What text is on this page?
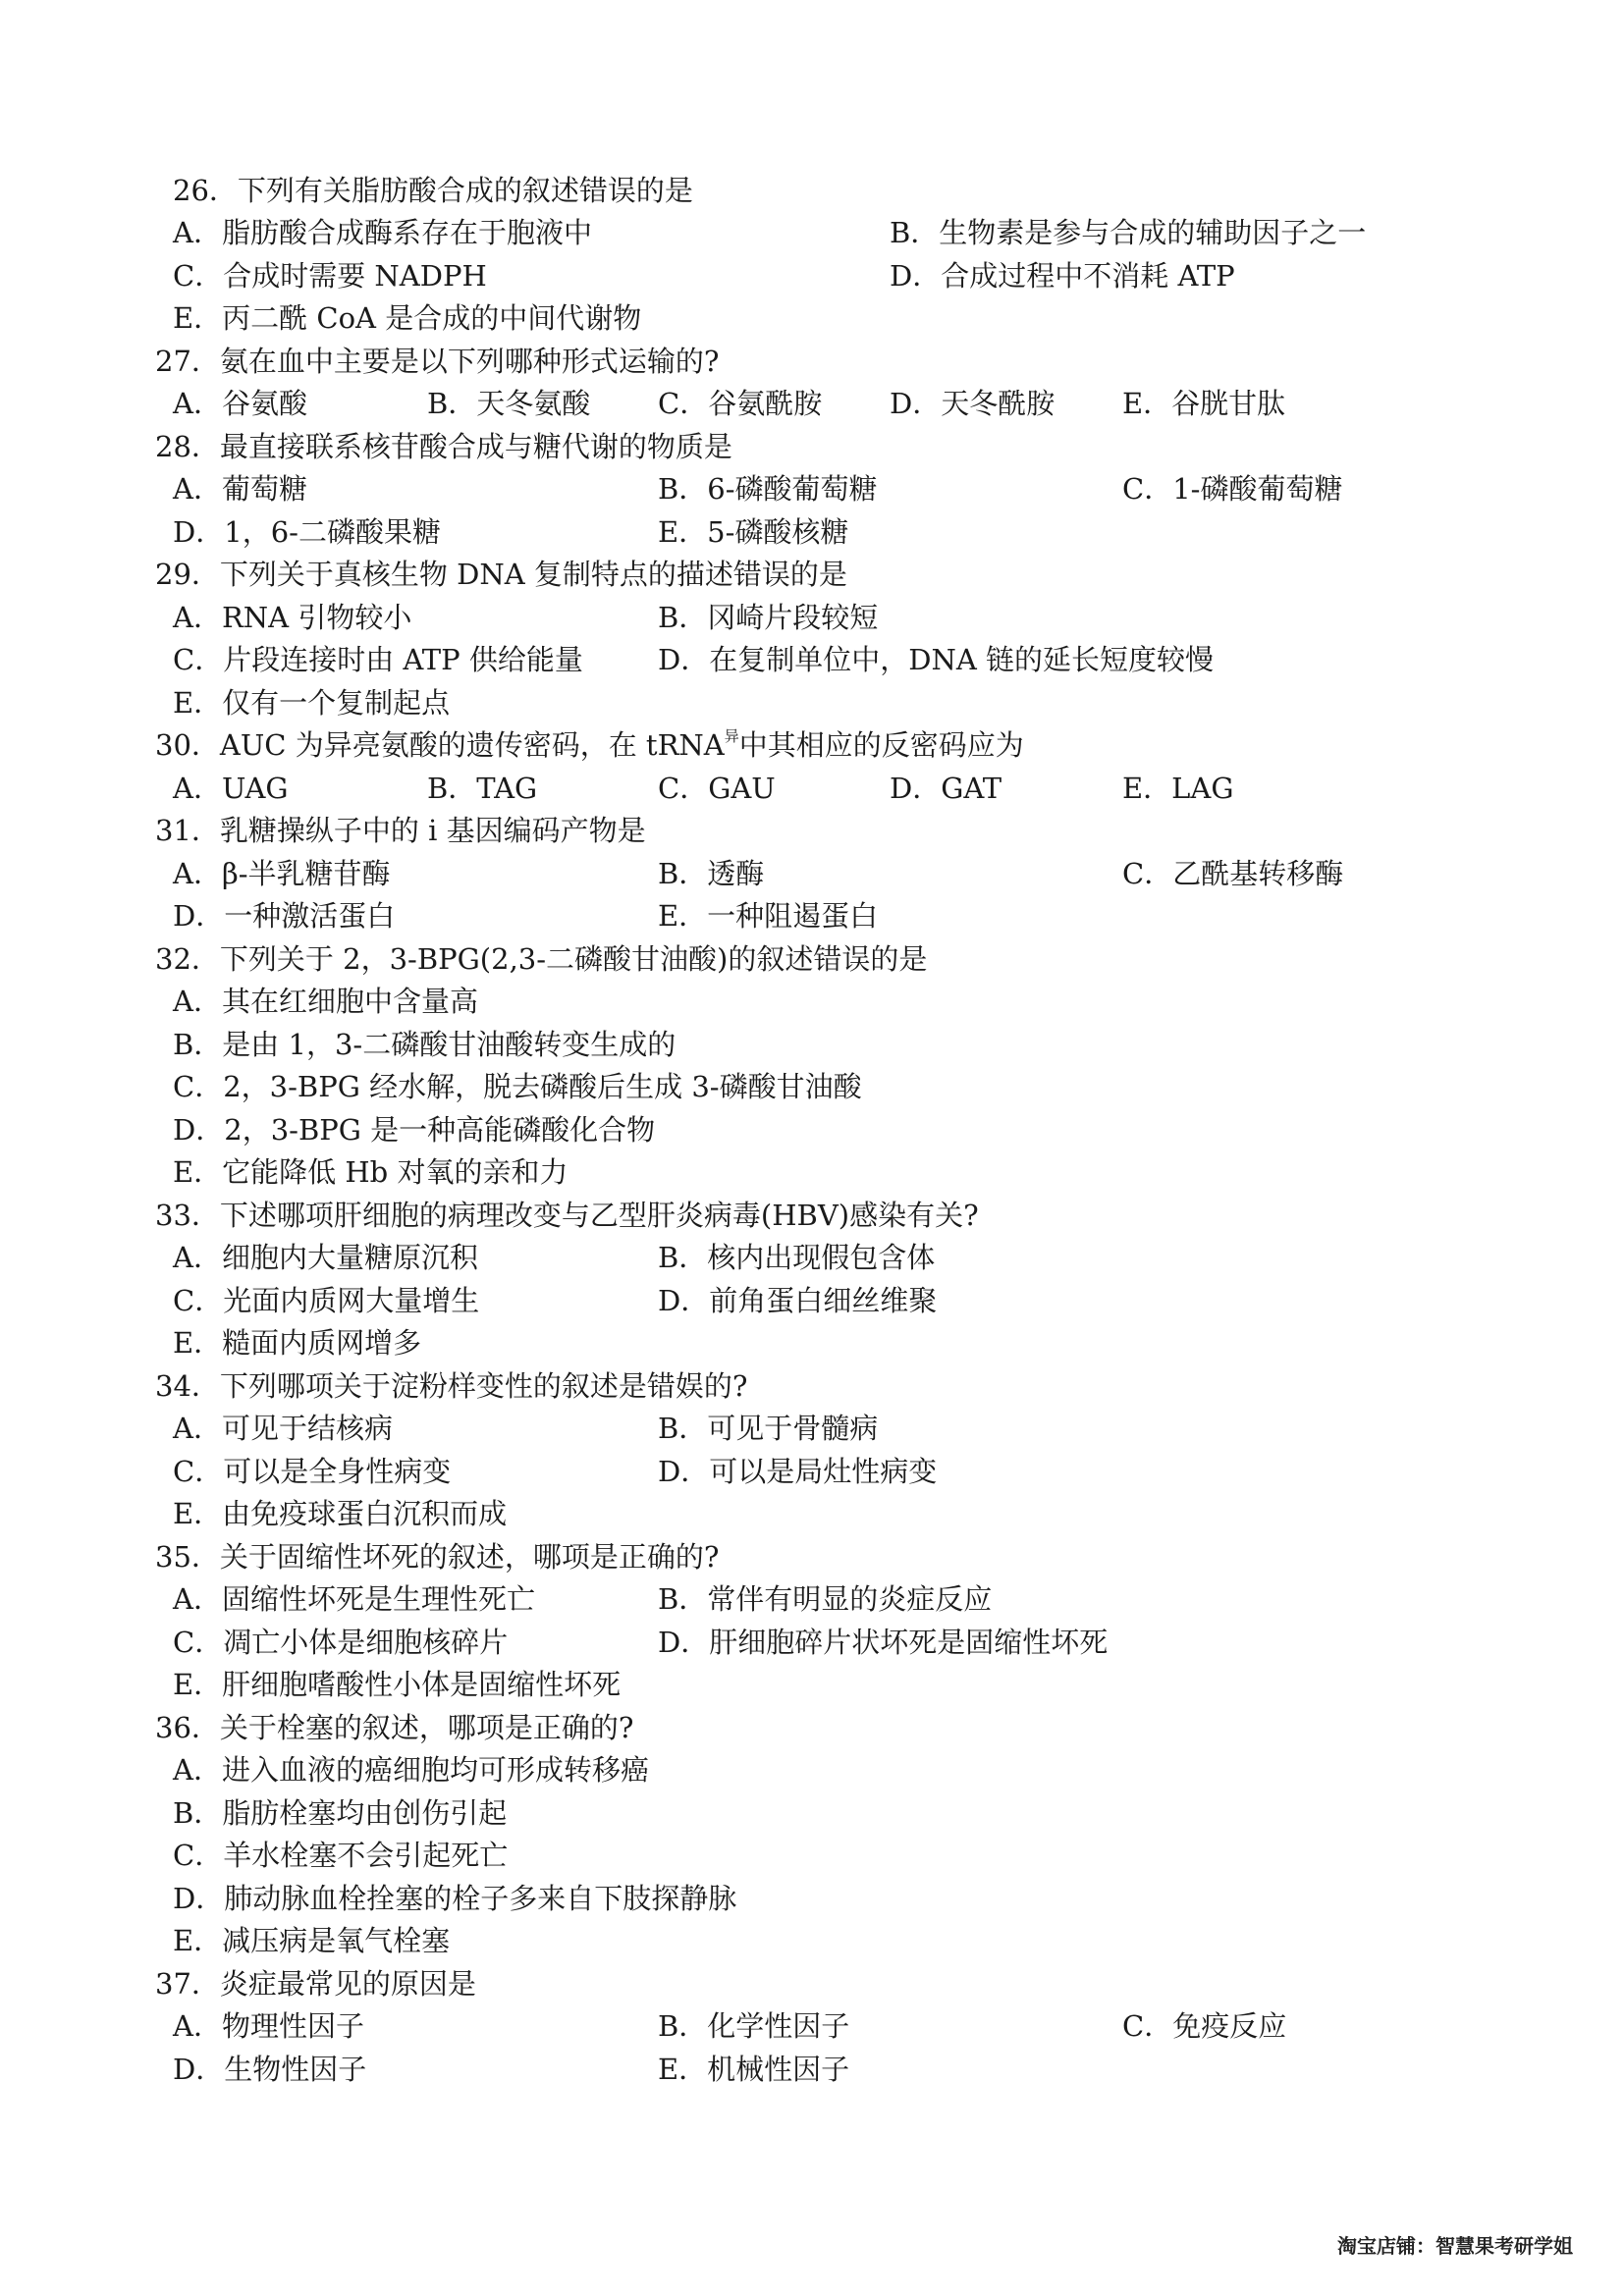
26．下列有关脂肪酸合成的叙述错误的是
A．脂肪酸合成酶系存在于胞液中	B．生物素是参与合成的辅助因子之一
C．合成时需要 NADPH	D．合成过程中不消耗 ATP
E．丙二酰 CoA 是合成的中间代谢物
27．氨在血中主要是以下列哪种形式运输的?
A．谷氨酸	B．天冬氨酸 C．谷氨酰胺 D．天冬酰胺 E．谷胱甘肽
28．最直接联系核苷酸合成与糖代谢的物质是
A．葡萄糖	B．6-磷酸葡萄糖	C．1-磷酸葡萄糖
D．1，6-二磷酸果糖	E．5-磷酸核糖
29．下列关于真核生物 DNA 复制特点的描述错误的是
A．RNA 引物较小	B．冈崎片段较短
C．片段连接时由 ATP 供给能量	D．在复制单位中，DNA 链的延长短度较慢
E．仅有一个复制起点
30．AUC 为异亮氨酸的遗传密码，在 tRNA$^异$中其相应的反密码应为
A．UAG	B．TAG	C．GAU	D．GAT	E．LAG
31．乳糖操纵子中的 i 基因编码产物是
A．β-半乳糖苷酶	B．透酶	C．乙酰基转移酶
D．一种激活蛋白	E．一种阻遏蛋白
32．下列关于 2，3-BPG(2,3-二磷酸甘油酸)的叙述错误的是
A．其在红细胞中含量高
B．是由 1，3-二磷酸甘油酸转变生成的
C．2，3-BPG 经水解，脱去磷酸后生成 3-磷酸甘油酸
D．2，3-BPG 是一种高能磷酸化合物
E．它能降低 Hb 对氧的亲和力
33．下述哪项肝细胞的病理改变与乙型肝炎病毒(HBV)感染有关?
A．细胞内大量糖原沉积	B．核内出现假包含体
C．光面内质网大量增生	D．前角蛋白细丝维聚
E．糙面内质网增多
34．下列哪项关于淀粉样变性的叙述是错娱的?
A．可见于结核病	B．可见于骨髓病
C．可以是全身性病变	D．可以是局灶性病变
E．由免疫球蛋白沉积而成
35．关于固缩性坏死的叙述，哪项是正确的?
A．固缩性坏死是生理性死亡	B．常伴有明显的炎症反应
C．凋亡小体是细胞核碎片	D．肝细胞碎片状坏死是固缩性坏死
E．肝细胞嗜酸性小体是固缩性坏死
36．关于栓塞的叙述，哪项是正确的?
A．进入血液的癌细胞均可形成转移癌
B．脂肪栓塞均由创伤引起
C．羊水栓塞不会引起死亡
D．肺动脉血栓拴塞的栓子多来自下肢探静脉
E．减压病是氧气栓塞
37．炎症最常见的原因是
A．物理性因子	B．化学性因子	C．免疫反应
D．生物性因子	E．机械性因子
淘宝店铺：智慧果考研学姐
